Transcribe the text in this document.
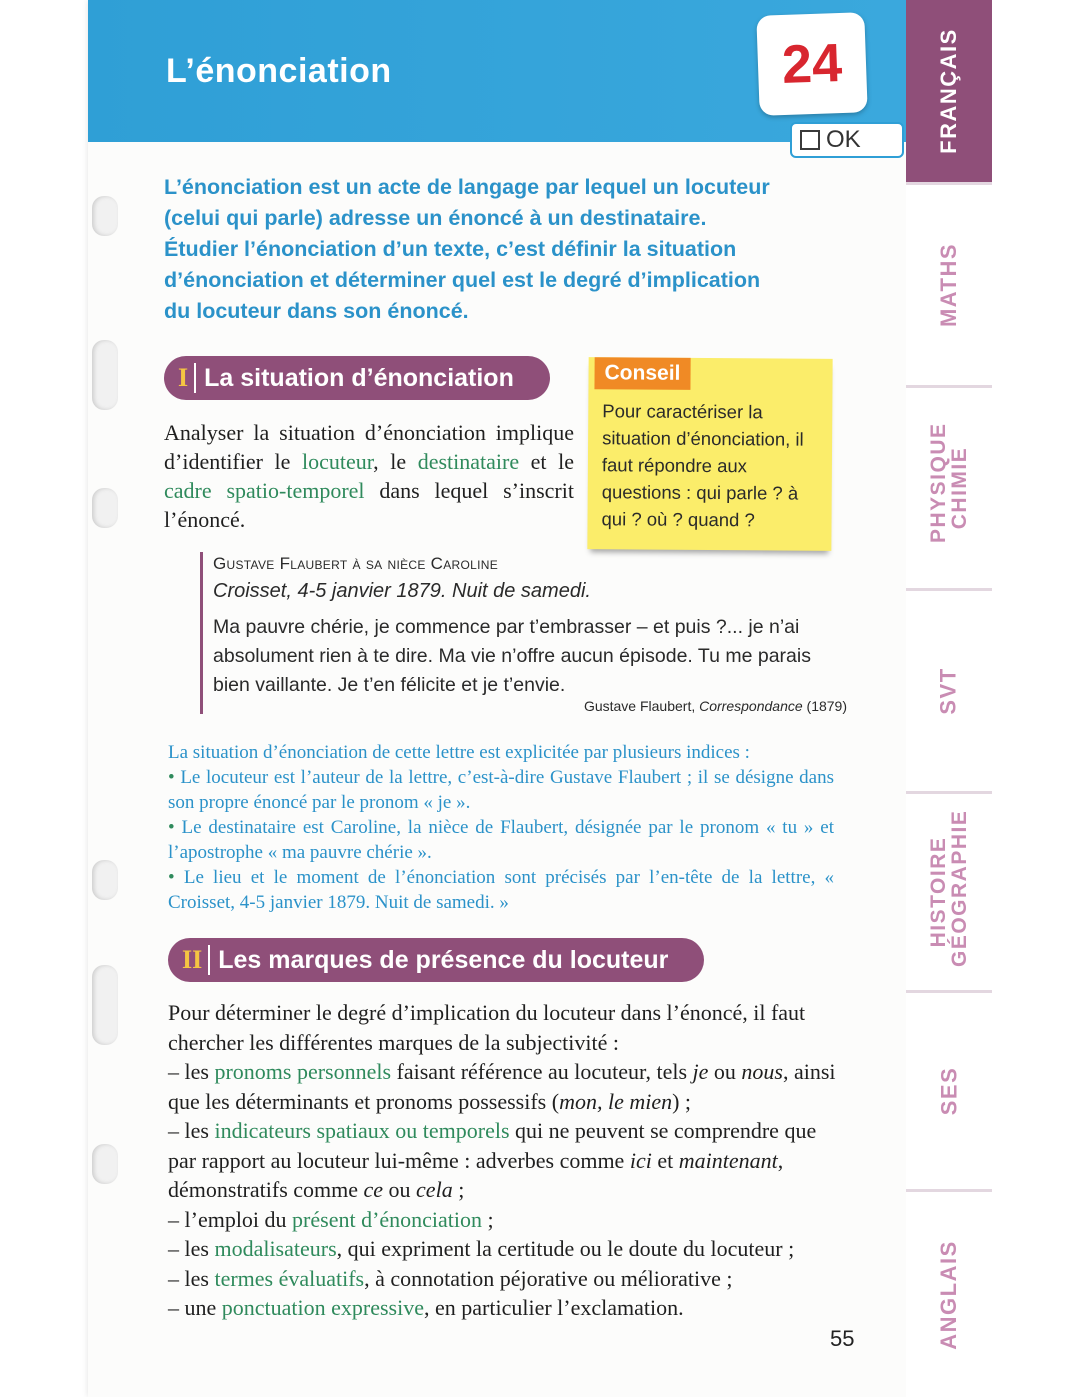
L’énonciation	24
OK	FRANÇAIS
MATHS
PHYSIQUE CHIMIE
SVT
HISTOIRE GÉOGRAPHIE
SES
ANGLAIS
L’énonciation est un acte de langage par lequel un locuteur
(celui qui parle) adresse un énoncé à un destinataire.
Étudier l’énonciation d’un texte, c’est définir la situation
d’énonciation et déterminer quel est le degré d’implication
du locuteur dans son énoncé.
I La situation d’énonciation	Conseil
Pour caractériser la situation d’énonciation, il faut répondre aux questions : qui parle ? à qui ? où ? quand ?
Analyser la situation d’énonciation implique d’identifier le locuteur, le destinataire et le cadre spatio-temporel dans lequel s’inscrit l’énoncé.
Gustave Flaubert à sa nièce Caroline
Croisset, 4-5 janvier 1879. Nuit de samedi.
Ma pauvre chérie, je commence par t’embrasser – et puis ?... je n’ai absolument rien à te dire. Ma vie n’offre aucun épisode. Tu me parais bien vaillante. Je t’en félicite et je t’envie.
Gustave Flaubert, Correspondance (1879)
La situation d’énonciation de cette lettre est explicitée par plusieurs indices :
• Le locuteur est l’auteur de la lettre, c’est-à-dire Gustave Flaubert ; il se désigne dans son propre énoncé par le pronom « je ».
• Le destinataire est Caroline, la nièce de Flaubert, désignée par le pronom « tu » et l’apostrophe « ma pauvre chérie ».
• Le lieu et le moment de l’énonciation sont précisés par l’en-tête de la lettre, « Croisset, 4-5 janvier 1879. Nuit de samedi. »
II Les marques de présence du locuteur
Pour déterminer le degré d’implication du locuteur dans l’énoncé, il faut chercher les différentes marques de la subjectivité :
– les pronoms personnels faisant référence au locuteur, tels je ou nous, ainsi que les déterminants et pronoms possessifs (mon, le mien) ;
– les indicateurs spatiaux ou temporels qui ne peuvent se comprendre que par rapport au locuteur lui-même : adverbes comme ici et maintenant, démonstratifs comme ce ou cela ;
– l’emploi du présent d’énonciation ;
– les modalisateurs, qui expriment la certitude ou le doute du locuteur ;
– les termes évaluatifs, à connotation péjorative ou méliorative ;
– une ponctuation expressive, en particulier l’exclamation.
55
